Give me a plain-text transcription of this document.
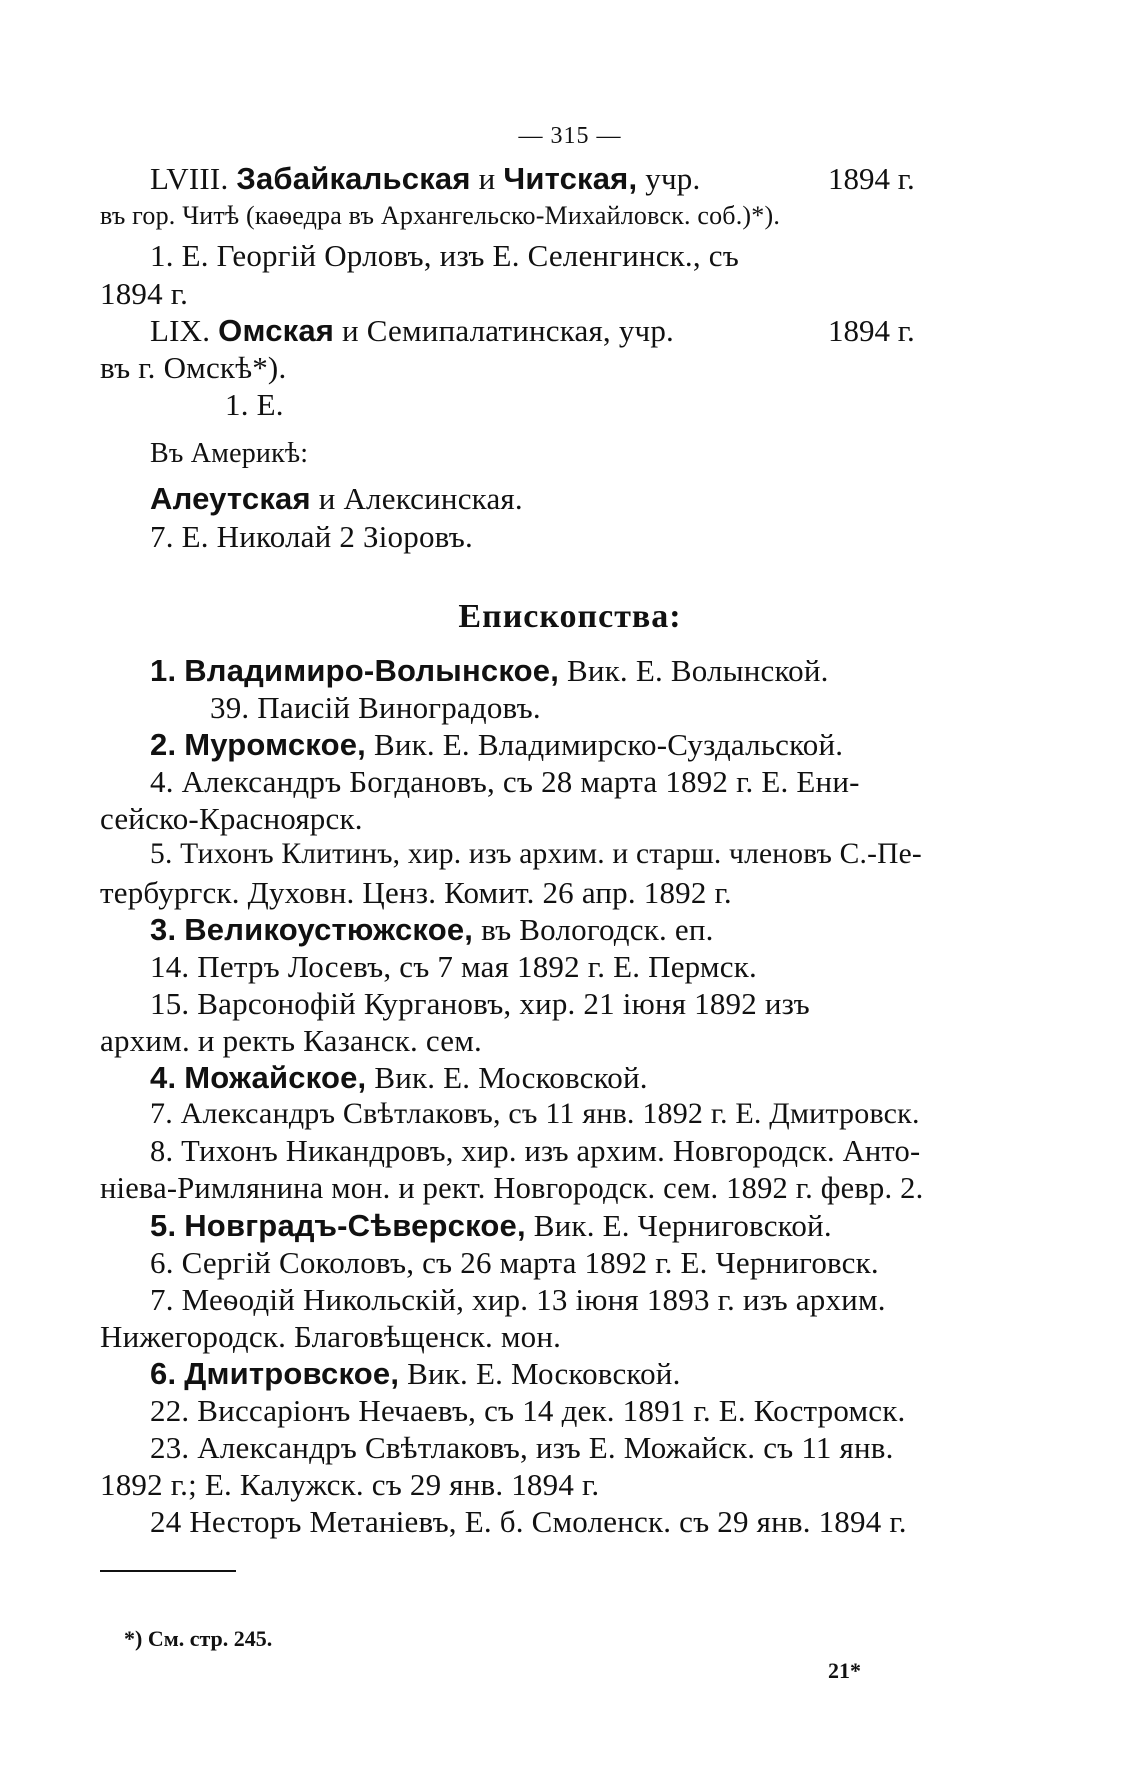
— 315 —
LVIII. Забайкальская и Читская, учр.	1894 г.
въ гор. Читѣ (каѳедра въ Архангельско-Михайловск. соб.)*).
1. Е. Георгій Орловъ, изъ Е. Селенгинск., съ
1894 г.
LIX. Омская и Семипалатинская, учр.	1894 г.
въ г. Омскѣ*).
1. Е.
Въ Америкѣ:
Алеутская и Алексинская.
7. Е. Николай 2 Зіоровъ.
Епископства:
1. Владимиро-Волынское, Вик. Е. Волынской.
39. Паисій Виноградовъ.
2. Муромское, Вик. Е. Владимирско-Суздальской.
4. Александръ Богдановъ, съ 28 марта 1892 г. Е. Ени-
сейско-Красноярск.
5. Тихонъ Клитинъ, хир. изъ архим. и старш. членовъ С.-Пе-
тербургск. Духовн. Ценз. Комит. 26 апр. 1892 г.
3. Великоустюжское, въ Вологодск. еп.
14. Петръ Лосевъ, съ 7 мая 1892 г. Е. Пермск.
15. Варсонофій Кургановъ, хир. 21 іюня 1892 изъ
архим. и ректь Казанск. сем.
4. Можайское, Вик. Е. Московской.
7. Александръ Свѣтлаковъ, съ 11 янв. 1892 г. Е. Дмитровск.
8. Тихонъ Никандровъ, хир. изъ архим. Новгородск. Анто-
ніева-Римлянина мон. и рект. Новгородск. сем. 1892 г. февр. 2.
5. Новградъ-Сѣверское, Вик. Е. Черниговской.
6. Сергій Соколовъ, съ 26 марта 1892 г. Е. Черниговск.
7. Меѳодій Никольскій, хир. 13 іюня 1893 г. изъ архим.
Нижегородск. Благовѣщенск. мон.
6. Дмитровское, Вик. Е. Московской.
22. Виссаріонъ Нечаевъ, съ 14 дек. 1891 г. Е. Костромск.
23. Александръ Свѣтлаковъ, изъ Е. Можайск. съ 11 янв.
1892 г.; Е. Калужск. съ 29 янв. 1894 г.
24 Несторъ Метаніевъ, Е. б. Смоленск. съ 29 янв. 1894 г.
*) См. стр. 245.
21*
